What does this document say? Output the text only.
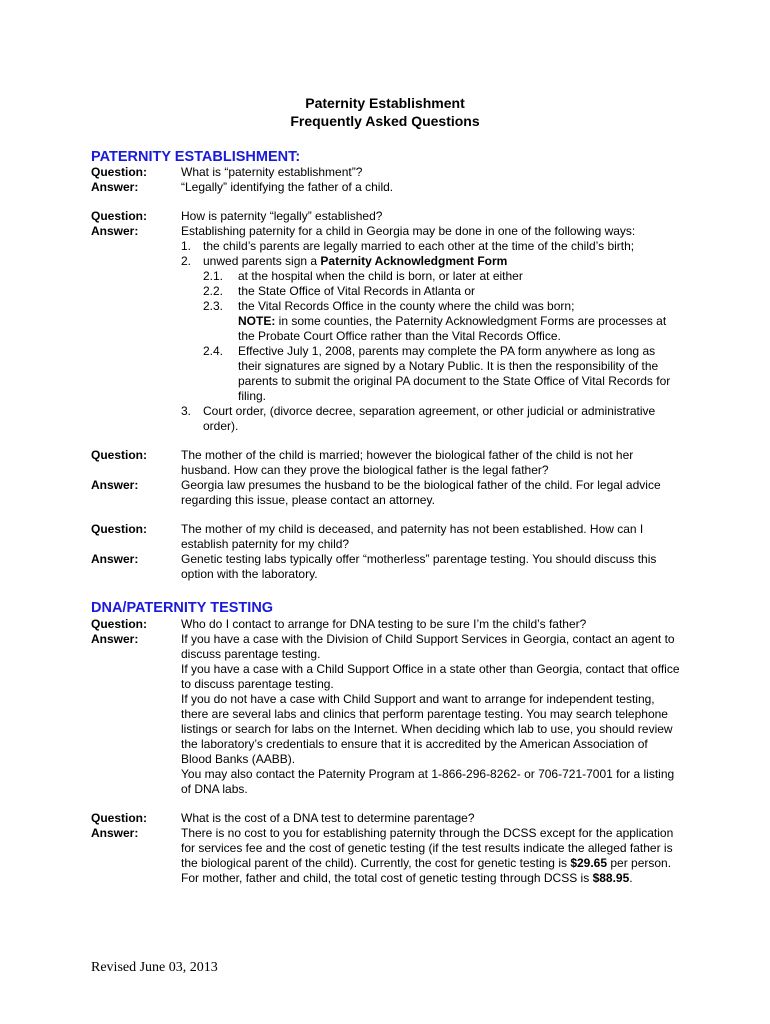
Paternity Establishment
Frequently Asked Questions
PATERNITY ESTABLISHMENT:
Question:	What is “paternity establishment”?
Answer:	“Legally” identifying the father of a child.
Question:	How is paternity “legally” established?
Answer:	Establishing paternity for a child in Georgia may be done in one of the following ways:
1. the child’s parents are legally married to each other at the time of the child’s birth;
2. unwed parents sign a Paternity Acknowledgment Form
2.1. at the hospital when the child is born, or later at either
2.2. the State Office of Vital Records in Atlanta or
2.3. the Vital Records Office in the county where the child was born;
NOTE: in some counties, the Paternity Acknowledgment Forms are processes at the Probate Court Office rather than the Vital Records Office.
2.4. Effective July 1, 2008, parents may complete the PA form anywhere as long as their signatures are signed by a Notary Public. It is then the responsibility of the parents to submit the original PA document to the State Office of Vital Records for filing.
3. Court order, (divorce decree, separation agreement, or other judicial or administrative order).
Question:	The mother of the child is married; however the biological father of the child is not her husband. How can they prove the biological father is the legal father?
Answer:	Georgia law presumes the husband to be the biological father of the child. For legal advice regarding this issue, please contact an attorney.
Question:	The mother of my child is deceased, and paternity has not been established. How can I establish paternity for my child?
Answer:	Genetic testing labs typically offer “motherless” parentage testing. You should discuss this option with the laboratory.
DNA/PATERNITY TESTING
Question:	Who do I contact to arrange for DNA testing to be sure I’m the child’s father?
Answer:	If you have a case with the Division of Child Support Services in Georgia, contact an agent to discuss parentage testing.
If you have a case with a Child Support Office in a state other than Georgia, contact that office to discuss parentage testing.
If you do not have a case with Child Support and want to arrange for independent testing, there are several labs and clinics that perform parentage testing. You may search telephone listings or search for labs on the Internet. When deciding which lab to use, you should review the laboratory’s credentials to ensure that it is accredited by the American Association of Blood Banks (AABB).
You may also contact the Paternity Program at 1-866-296-8262- or 706-721-7001 for a listing of DNA labs.
Question:	What is the cost of a DNA test to determine parentage?
Answer:	There is no cost to you for establishing paternity through the DCSS except for the application for services fee and the cost of genetic testing (if the test results indicate the alleged father is the biological parent of the child). Currently, the cost for genetic testing is $29.65 per person. For mother, father and child, the total cost of genetic testing through DCSS is $88.95.
Revised June 03, 2013
